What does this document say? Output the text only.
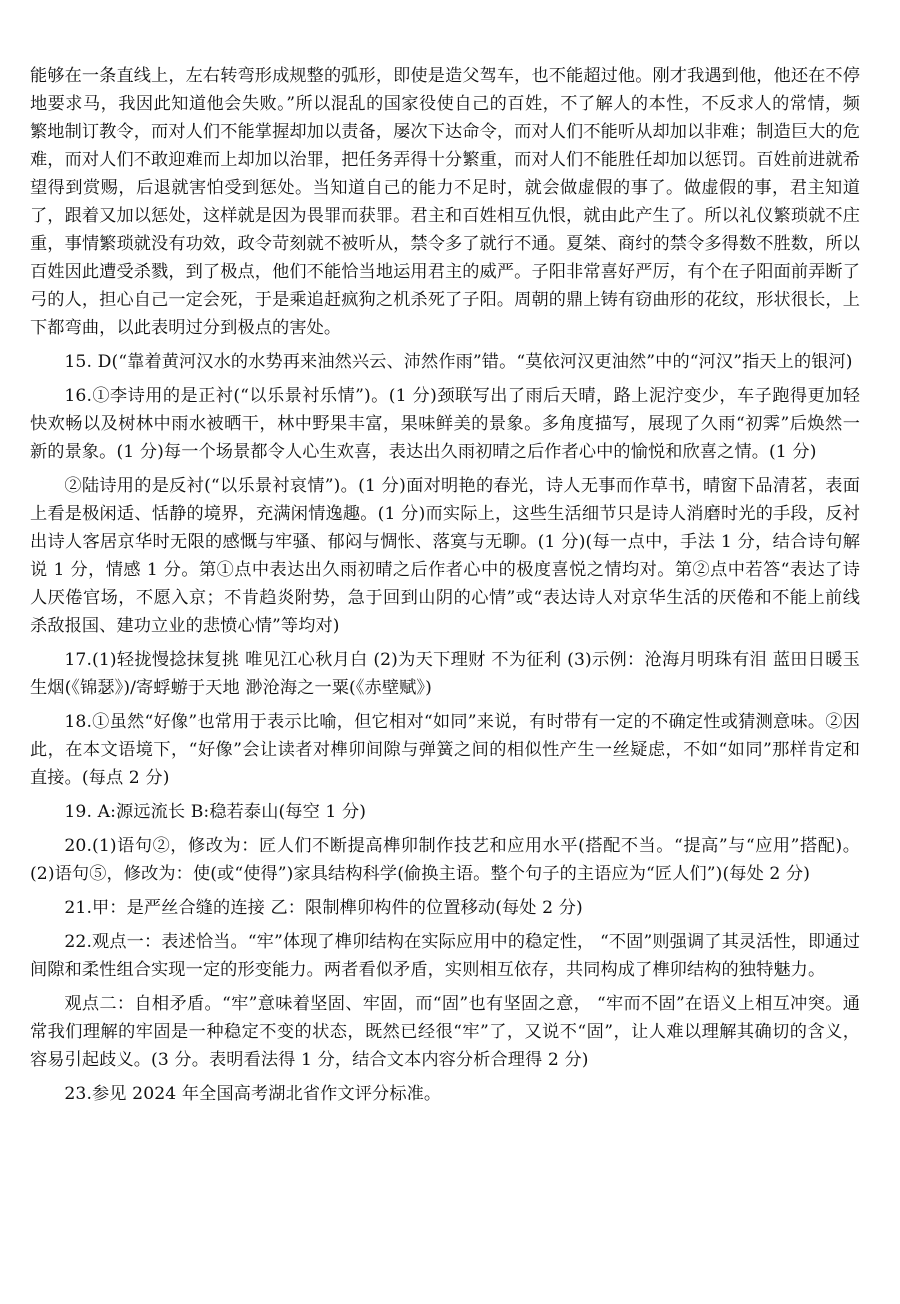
能够在一条直线上，左右转弯形成规整的弧形，即使是造父驾车，也不能超过他。刚才我遇到他，他还在不停地要求马，我因此知道他会失败。”所以混乱的国家役使自己的百姓，不了解人的本性，不反求人的常情，频繁地制订教令，而对人们不能掌握却加以责备，屡次下达命令，而对人们不能听从却加以非难；制造巨大的危难，而对人们不敢迎难而上却加以治罪，把任务弄得十分繁重，而对人们不能胜任却加以惩罚。百姓前进就希望得到赏赐，后退就害怕受到惩处。当知道自己的能力不足时，就会做虚假的事了。做虚假的事，君主知道了，跟着又加以惩处，这样就是因为畏罪而获罪。君主和百姓相互仇恨，就由此产生了。所以礼仪繁琐就不庄重，事情繁琐就没有功效，政令苛刻就不被听从，禁令多了就行不通。夏桀、商纣的禁令多得数不胜数，所以百姓因此遭受杀戮，到了极点，他们不能恰当地运用君主的威严。子阳非常喜好严厉，有个在子阳面前弄断了弓的人，担心自己一定会死，于是乘追赶疯狗之机杀死了子阳。周朝的鼎上铸有窃曲形的花纹，形状很长，上下都弯曲，以此表明过分到极点的害处。

15. D(“靠着黄河汉水的水势再来油然兴云、沛然作雨”错。“莫依河汉更油然”中的“河汉”指天上的银河)

16.①李诗用的是正衬(“以乐景衬乐情”)。(1 分)颈联写出了雨后天晴，路上泥泞变少，车子跑得更加轻快欢畅以及树林中雨水被晒干，林中野果丰富，果味鲜美的景象。多角度描写，展现了久雨“初霁”后焕然一新的景象。(1 分)每一个场景都令人心生欢喜，表达出久雨初晴之后作者心中的愉悦和欣喜之情。(1 分)

②陆诗用的是反衬(“以乐景衬哀情”)。(1 分)面对明艳的春光，诗人无事而作草书，晴窗下品清茗，表面上看是极闲适、恬静的境界，充满闲情逸趣。(1 分)而实际上，这些生活细节只是诗人消磨时光的手段，反衬出诗人客居京华时无限的感慨与牢骚、郁闷与惆怅、落寞与无聊。(1 分)(每一点中，手法 1 分，结合诗句解说 1 分，情感 1 分。第①点中表达出久雨初晴之后作者心中的极度喜悦之情均对。第②点中若答“表达了诗人厌倦官场，不愿入京；不肯趋炎附势，急于回到山阴的心情”或“表达诗人对京华生活的厌倦和不能上前线杀敌报国、建功立业的悲愤心情”等均对)

17.(1)轻拢慢捻抹复挑 唯见江心秋月白 (2)为天下理财 不为征利 (3)示例：沧海月明珠有泪 蓝田日暖玉生烟(《锦瑟》)/寄蜉蝣于天地 渺沧海之一粟(《赤壁赋》)

18.①虽然“好像”也常用于表示比喻，但它相对“如同”来说，有时带有一定的不确定性或猜测意味。②因此，在本文语境下，“好像”会让读者对榫卯间隙与弹簧之间的相似性产生一丝疑虑，不如“如同”那样肯定和直接。(每点 2 分)

19. A:源远流长 B:稳若泰山(每空 1 分)

20.(1)语句②，修改为：匠人们不断提高榫卯制作技艺和应用水平(搭配不当。“提高”与“应用”搭配)。(2)语句⑤，修改为：使(或“使得”)家具结构科学(偷换主语。整个句子的主语应为“匠人们”)(每处 2 分)

21.甲：是严丝合缝的连接 乙：限制榫卯构件的位置移动(每处 2 分)

22.观点一：表述恰当。“牢”体现了榫卯结构在实际应用中的稳定性， “不固”则强调了其灵活性，即通过间隙和柔性组合实现一定的形变能力。两者看似矛盾，实则相互依存，共同构成了榫卯结构的独特魅力。

观点二：自相矛盾。“牢”意味着坚固、牢固，而“固”也有坚固之意， “牢而不固”在语义上相互冲突。通常我们理解的牢固是一种稳定不变的状态，既然已经很“牢”了，又说不“固”，让人难以理解其确切的含义，容易引起歧义。(3 分。表明看法得 1 分，结合文本内容分析合理得 2 分)

23.参见 2024 年全国高考湖北省作文评分标准。
